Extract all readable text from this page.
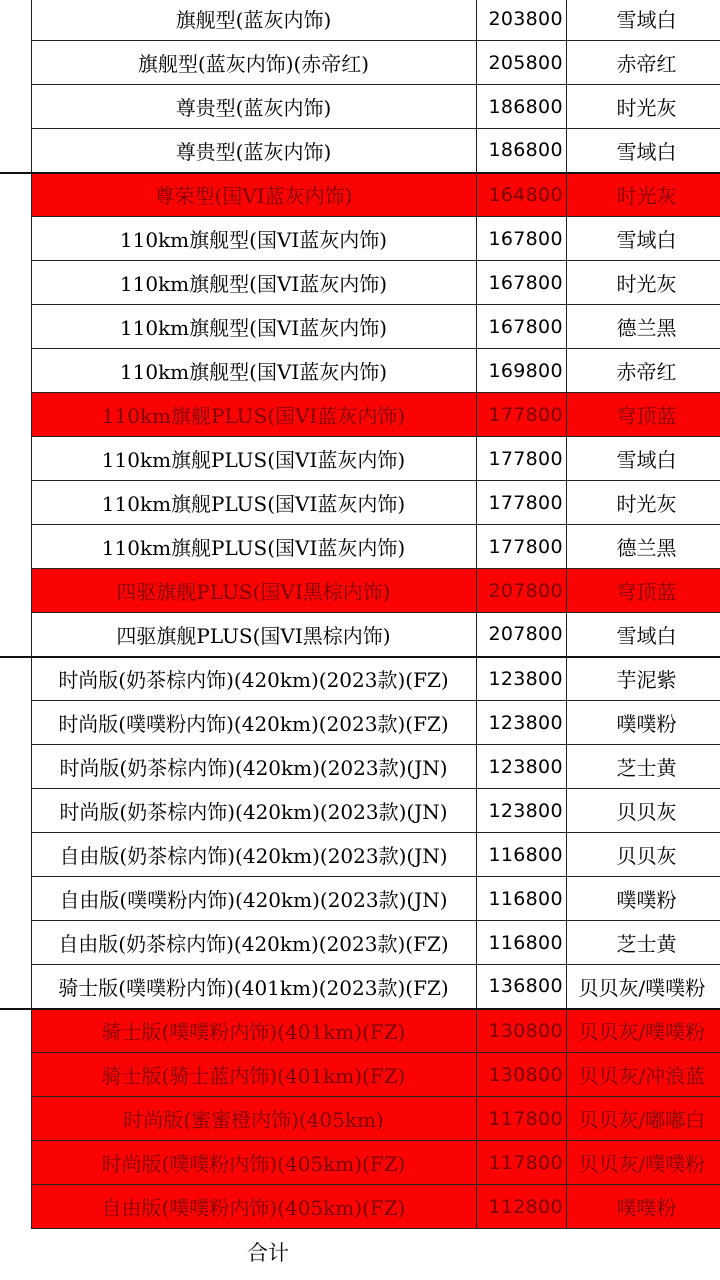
	旗舰型(蓝灰内饰)	203800	雪域白
	旗舰型(蓝灰内饰)(赤帝红)	205800	赤帝红
	尊贵型(蓝灰内饰)	186800	时光灰
	尊贵型(蓝灰内饰)	186800	雪域白
	尊荣型(国VI蓝灰内饰)	164800	时光灰
	110km旗舰型(国VI蓝灰内饰)	167800	雪域白
	110km旗舰型(国VI蓝灰内饰)	167800	时光灰
	110km旗舰型(国VI蓝灰内饰)	167800	德兰黑
	110km旗舰型(国VI蓝灰内饰)	169800	赤帝红
	110km旗舰PLUS(国VI蓝灰内饰)	177800	穹顶蓝
	110km旗舰PLUS(国VI蓝灰内饰)	177800	雪域白
	110km旗舰PLUS(国VI蓝灰内饰)	177800	时光灰
	110km旗舰PLUS(国VI蓝灰内饰)	177800	德兰黑
	四驱旗舰PLUS(国VI黑棕内饰)	207800	穹顶蓝
	四驱旗舰PLUS(国VI黑棕内饰)	207800	雪域白
	时尚版(奶茶棕内饰)(420km)(2023款)(FZ)	123800	芋泥紫
	时尚版(噗噗粉内饰)(420km)(2023款)(FZ)	123800	噗噗粉
	时尚版(奶茶棕内饰)(420km)(2023款)(JN)	123800	芝士黄
	时尚版(奶茶棕内饰)(420km)(2023款)(JN)	123800	贝贝灰
	自由版(奶茶棕内饰)(420km)(2023款)(JN)	116800	贝贝灰
	自由版(噗噗粉内饰)(420km)(2023款)(JN)	116800	噗噗粉
	自由版(奶茶棕内饰)(420km)(2023款)(FZ)	116800	芝士黄
	骑士版(噗噗粉内饰)(401km)(2023款)(FZ)	136800	贝贝灰/噗噗粉
	骑士版(噗噗粉内饰)(401km)(FZ)	130800	贝贝灰/噗噗粉
	骑士版(骑士蓝内饰)(401km)(FZ)	130800	贝贝灰/冲浪蓝
	时尚版(蜜蜜橙内饰)(405km)	117800	贝贝灰/嘟嘟白
	时尚版(噗噗粉内饰)(405km)(FZ)	117800	贝贝灰/噗噗粉
	自由版(噗噗粉内饰)(405km)(FZ)	112800	噗噗粉
	合计		
